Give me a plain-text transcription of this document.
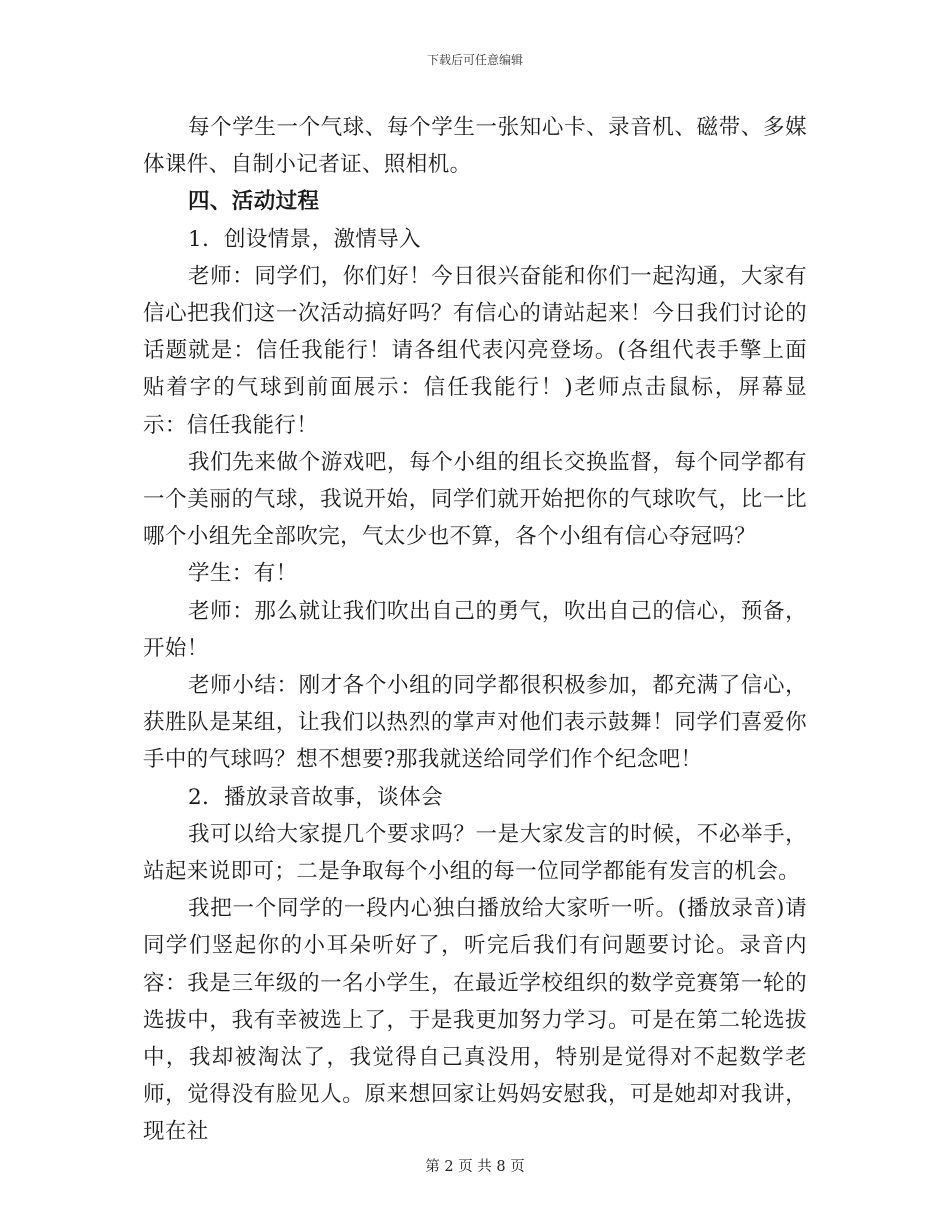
下载后可任意编辑

每个学生一个气球、每个学生一张知心卡、录音机、磁带、多媒体课件、自制小记者证、照相机。

四、活动过程

1．创设情景，激情导入

老师：同学们，你们好！今日很兴奋能和你们一起沟通，大家有信心把我们这一次活动搞好吗？有信心的请站起来！今日我们讨论的话题就是：信任我能行！请各组代表闪亮登场。(各组代表手擎上面贴着字的气球到前面展示：信任我能行！)老师点击鼠标，屏幕显示：信任我能行！

我们先来做个游戏吧，每个小组的组长交换监督，每个同学都有一个美丽的气球，我说开始，同学们就开始把你的气球吹气，比一比哪个小组先全部吹完，气太少也不算，各个小组有信心夺冠吗？

学生：有！

老师：那么就让我们吹出自己的勇气，吹出自己的信心，预备，开始！

老师小结：刚才各个小组的同学都很积极参加，都充满了信心，获胜队是某组，让我们以热烈的掌声对他们表示鼓舞！同学们喜爱你手中的气球吗？想不想要?那我就送给同学们作个纪念吧！

2．播放录音故事，谈体会

我可以给大家提几个要求吗？一是大家发言的时候，不必举手，站起来说即可；二是争取每个小组的每一位同学都能有发言的机会。

我把一个同学的一段内心独白播放给大家听一听。(播放录音)请同学们竖起你的小耳朵听好了，听完后我们有问题要讨论。录音内容：我是三年级的一名小学生，在最近学校组织的数学竞赛第一轮的选拔中，我有幸被选上了，于是我更加努力学习。可是在第二轮选拔中，我却被淘汰了，我觉得自己真没用，特别是觉得对不起数学老师，觉得没有脸见人。原来想回家让妈妈安慰我，可是她却对我讲，现在社

第 2 页 共 8 页
